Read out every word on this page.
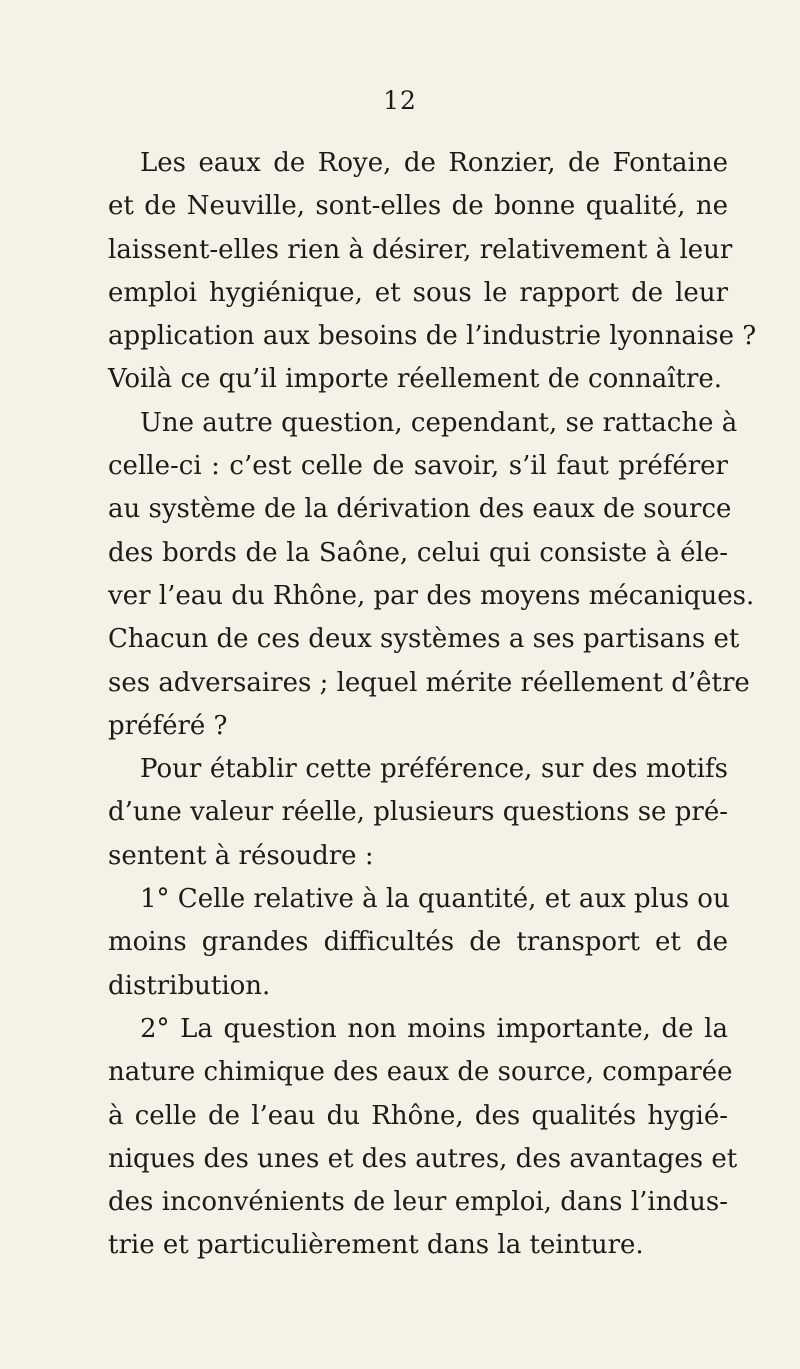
12
Les eaux de Roye, de Ronzier, de Fontaine
et de Neuville, sont-elles de bonne qualité, ne
laissent-elles rien à désirer, relativement à leur
emploi hygiénique, et sous le rapport de leur
application aux besoins de l’industrie lyonnaise ?
Voilà ce qu’il importe réellement de connaître.
Une autre question, cependant, se rattache à
celle-ci : c’est celle de savoir, s’il faut préférer
au système de la dérivation des eaux de source
des bords de la Saône, celui qui consiste à éle-
ver l’eau du Rhône, par des moyens mécaniques.
Chacun de ces deux systèmes a ses partisans et
ses adversaires ; lequel mérite réellement d’être
préféré ?
Pour établir cette préférence, sur des motifs
d’une valeur réelle, plusieurs questions se pré-
sentent à résoudre :
1° Celle relative à la quantité, et aux plus ou
moins grandes difficultés de transport et de
distribution.
2° La question non moins importante, de la
nature chimique des eaux de source, comparée
à celle de l’eau du Rhône, des qualités hygié-
niques des unes et des autres, des avantages et
des inconvénients de leur emploi, dans l’indus-
trie et particulièrement dans la teinture.
